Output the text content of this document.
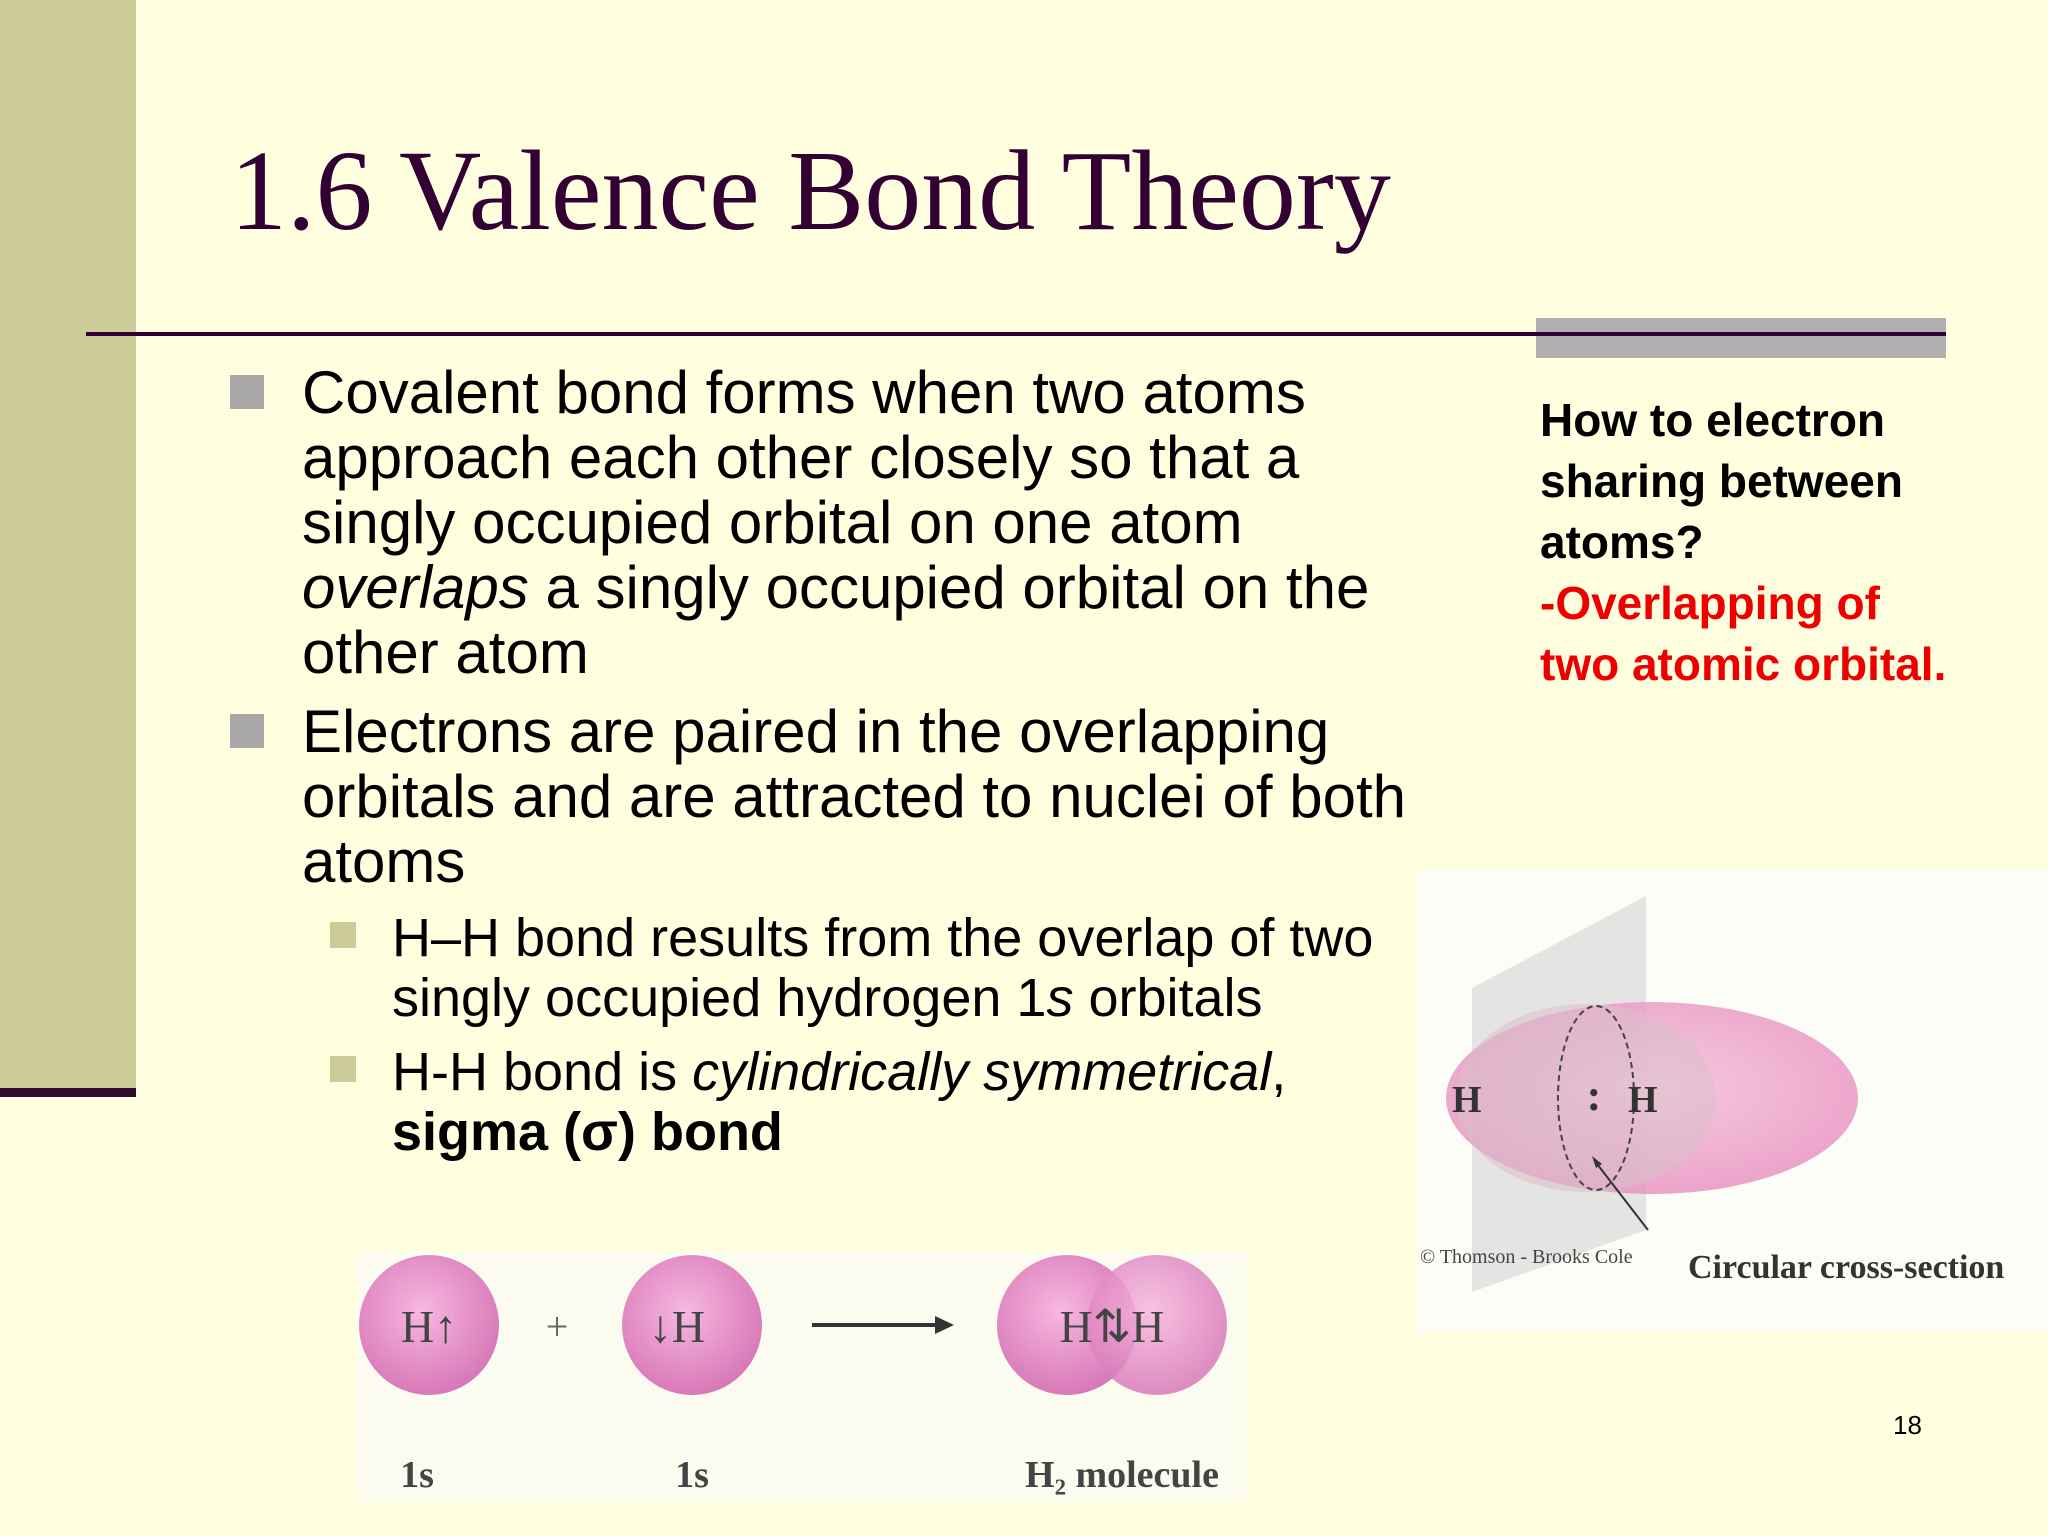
1.6 Valence Bond Theory
Covalent bond forms when two atoms approach each other closely so that a singly occupied orbital on one atom overlaps a singly occupied orbital on the other atom
Electrons are paired in the overlapping orbitals and are attracted to nuclei of both atoms
H–H bond results from the overlap of two singly occupied hydrogen 1s orbitals
H-H bond is cylindrically symmetrical, sigma (σ) bond
How to electron sharing between atoms?
-Overlapping of two atomic orbital.
H↑ + ↓H	H⇅H
1s	1s	H₂ molecule
H : H
© Thomson - Brooks Cole Circular cross-section
18
